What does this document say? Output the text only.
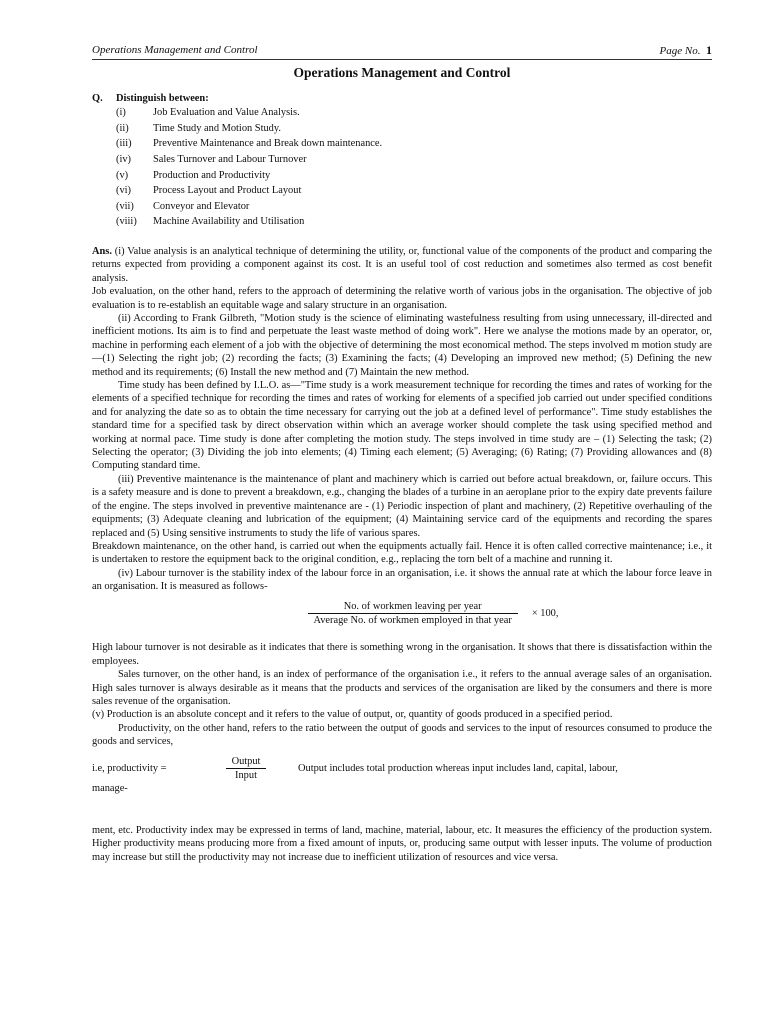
Operations Management and Control	Page No. 1
Operations Management and Control
Q. Distinguish between:
(i)	Job Evaluation and Value Analysis.
(ii)	Time Study and Motion Study.
(iii)	Preventive Maintenance and Break down maintenance.
(iv)	Sales Turnover and Labour Turnover
(v)	Production and Productivity
(vi)	Process Layout and Product Layout
(vii)	Conveyor and Elevator
(viii)	Machine Availability and Utilisation

Ans. (i) Value analysis is an analytical technique of determining the utility, or, functional value of the components of the product and comparing the returns expected from providing a component against its cost. It is an useful tool of cost reduction and sometimes also termed as cost benefit analysis.

Job evaluation, on the other hand, refers to the approach of determining the relative worth of various jobs in the organisation. The objective of job evaluation is to re-establish an equitable wage and salary structure in an organisation.

(ii) According to Frank Gilbreth, "Motion study is the science of eliminating wastefulness resulting from using unnecessary, ill-directed and inefficient motions. Its aim is to find and perpetuate the least waste method of doing work". Here we analyse the motions made by an operator, or, machine in performing each element of a job with the objective of determining the most economical method. The steps involved m motion study are—(1) Selecting the right job; (2) recording the facts; (3) Examining the facts; (4) Developing an improved new method; (5) Defining the new method and its requirements; (6) Install the new method and (7) Maintain the new method.

Time study has been defined by I.L.O. as—"Time study is a work measurement technique for recording the times and rates of working for the elements of a specified technique for recording the times and rates of working for elements of a specified job carried out under specified conditions and for analyzing the date so as to obtain the time necessary for carrying out the job at a defined level of performance". Time study establishes the standard time for a specified task by direct observation within which an average worker should complete the task using specified method and working at normal pace. Time study is done after completing the motion study. The steps involved in time study are – (1) Selecting the task; (2) Selecting the operator; (3) Dividing the job into elements; (4) Timing each element; (5) Averaging; (6) Rating; (7) Providing allowances and (8) Computing standard time.

(iii) Preventive maintenance is the maintenance of plant and machinery which is carried out before actual breakdown, or, failure occurs. This is a safety measure and is done to prevent a breakdown, e.g., changing the blades of a turbine in an aeroplane prior to the expiry date prevents failure of the engine. The steps involved in preventive maintenance are - (1) Periodic inspection of plant and machinery, (2) Repetitive overhauling of the equipments; (3) Adequate cleaning and lubrication of the equipment; (4) Maintaining service card of the equipments and recording the spares replaced and (5) Using sensitive instruments to study the life of various spares.

Breakdown maintenance, on the other hand, is carried out when the equipments actually fail. Hence it is often called corrective maintenance; i.e., it is undertaken to restore the equipment back to the original condition, e.g., replacing the torn belt of a machine and running it.

(iv) Labour turnover is the stability index of the labour force in an organisation, i.e. it shows the annual rate at which the labour force leave in an organisation. It is measured as follows-

$\frac{\text{No. of workmen leaving per year}}{\text{Average No. of workmen employed in that year}} \times 100$,

High labour turnover is not desirable as it indicates that there is something wrong in the organisation. It shows that there is dissatisfaction within the employees.

Sales turnover, on the other hand, is an index of performance of the organisation i.e., it refers to the annual average sales of an organisation. High sales turnover is always desirable as it means that the products and services of the organisation are liked by the consumers and there is more sales revenue of the organisation.

(v) Production is an absolute concept and it refers to the value of output, or, quantity of goods produced in a specified period.

Productivity, on the other hand, refers to the ratio between the output of goods and services to the input of resources consumed to produce the goods and services,

i.e, productivity =
Output
Input
Output includes total production whereas input includes land, capital, labour,

manage-

ment, etc. Productivity index may be expressed in terms of land, machine, material, labour, etc. It measures the efficiency of the production system. Higher productivity means producing more from a fixed amount of inputs, or, producing same output with lesser inputs. The volume of production may increase but still the productivity may not increase due to inefficient utilization of resources and vice versa.
